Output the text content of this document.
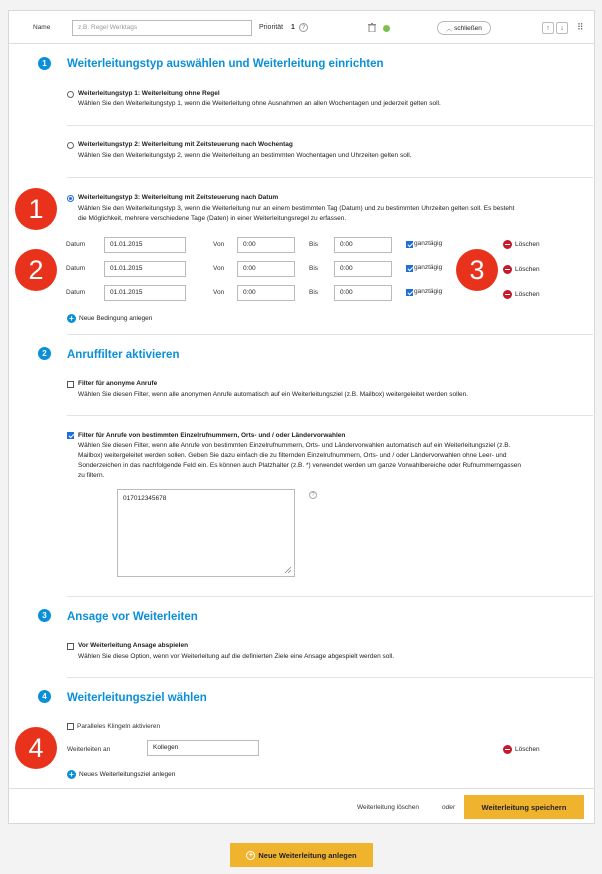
Name	z.B. Regel Werktags	Priorität 1	?	︿ schließen	↑ ↓ ⠿
1	Weiterleitungstyp auswählen und Weiterleitung einrichten
Weiterleitungstyp 1: Weiterleitung ohne Regel
Wählen Sie den Weiterleitungstyp 1, wenn die Weiterleitung ohne Ausnahmen an allen Wochentagen und jederzeit gelten soll.
Weiterleitungstyp 2: Weiterleitung mit Zeitsteuerung nach Wochentag
Wählen Sie den Weiterleitungstyp 2, wenn die Weiterleitung an bestimmten Wochentagen und Uhrzeiten gelten soll.
Weiterleitungstyp 3: Weiterleitung mit Zeitsteuerung nach Datum
Wählen Sie den Weiterleitungstyp 3, wenn die Weiterleitung nur an einem bestimmten Tag (Datum) und zu bestimmten Uhrzeiten gelten soll. Es besteht
die Möglichkeit, mehrere verschiedene Tage (Daten) in einer Weiterleitungsregel zu erfassen.
Datum	01.01.2015	Von	0:00	Bis	0:00	ganztägig	Löschen
Datum	01.01.2015	Von	0:00	Bis	0:00	ganztägig	Löschen
Datum	01.01.2015	Von	0:00	Bis	0:00	ganztägig	Löschen
+ Neue Bedingung anlegen
2	Anruffilter aktivieren
Filter für anonyme Anrufe
Wählen Sie diesen Filter, wenn alle anonymen Anrufe automatisch auf ein Weiterleitungsziel (z.B. Mailbox) weitergeleitet werden sollen.
Filter für Anrufe von bestimmten Einzelrufnummern, Orts- und / oder Ländervorwahlen
Wählen Sie diesen Filter, wenn alle Anrufe von bestimmten Einzelrufnummern, Orts- und Ländervorwahlen automatisch auf ein Weiterleitungsziel (z.B.
Mailbox) weitergeleitet werden sollen. Geben Sie dazu einfach die zu filternden Einzelrufnummern, Orts- und / oder Ländervorwahlen ohne Leer- und
Sonderzeichen in das nachfolgende Feld ein. Es können auch Platzhalter (z.B. *) verwendet werden um ganze Vorwahlbereiche oder Rufnummerngassen
zu filtern.
017012345678	?
3	Ansage vor Weiterleiten
Vor Weiterleitung Ansage abspielen
Wählen Sie diese Option, wenn vor Weiterleitung auf die definierten Ziele eine Ansage abgespielt werden soll.
4	Weiterleitungsziel wählen
Paralleles Klingeln aktivieren
Weiterleiten an	Kollegen	Löschen
+ Neues Weiterleitungsziel anlegen
Weiterleitung löschen	oder	Weiterleitung speichern
+ Neue Weiterleitung anlegen
1
2	3
4
